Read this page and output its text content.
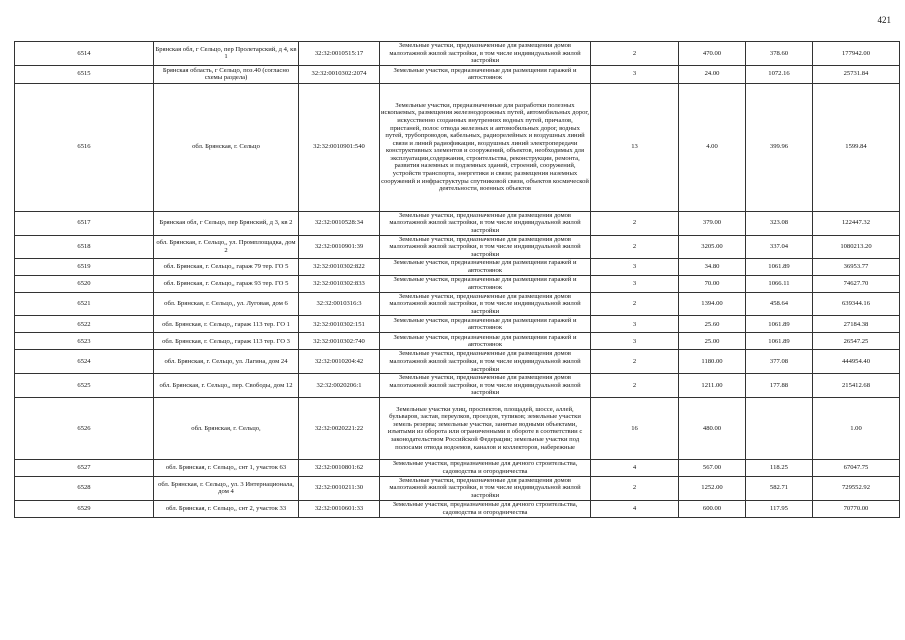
421
6514	Брянская обл, г Сельцо, пер Пролетарский, д 4, кв 1	32:32:0010515:17	Земельные участки, предназначенные для размещения домов малоэтажной жилой застройки, в том числе индивидуальной жилой застройки	2	470.00	378.60	177942.00
6515	Брянская область, г Сельцо, поз.40 (согласно схемы раздела)	32:32:0010302:2074	Земельные участки, предназначенные для размещения гаражей и автостоянок	3	24.00	1072.16	25731.84
6516	обл. Брянская, г. Сельцо	32:32:0010901:540	Земельные участки, предназначенные для разработки полезных ископаемых, размещения железнодорожных путей, автомобильных дорог, искусственно созданных внутренних водных путей, причалов, пристаней, полос отвода железных и автомобильных дорог, водных путей, трубопроводов, кабельных, радиорелейных и воздушных линий связи и линий радиофикации, воздушных линий электропередачи конструктивных элементов и сооружений, объектов, необходимых для эксплуатации,содержания, строительства, реконструкции, ремонта, развития наземных и подземных зданий, строений, сооружений, устройств транспорта, энергетики и связи; размещения наземных сооружений и инфраструктуры спутниковой связи, объектов космической деятельности, военных объектов	13	4.00	399.96	1599.84
6517	Брянская обл, г Сельцо, пер Брянский, д 3, кв 2	32:32:0010528:34	Земельные участки, предназначенные для размещения домов малоэтажной жилой застройки, в том числе индивидуальной жилой застройки	2	379.00	323.08	122447.32
6518	обл. Брянская, г. Сельцо,, ул. Промплощадка, дом 2	32:32:0010901:39	Земельные участки, предназначенные для размещения домов малоэтажной жилой застройки, в том числе индивидуальной жилой застройки	2	3205.00	337.04	1080213.20
6519	обл. Брянская, г. Сельцо,, гараж 79 тер. ГО 5	32:32:0010302:822	Земельные участки, предназначенные для размещения гаражей и автостоянок	3	34.80	1061.89	36953.77
6520	обл. Брянская, г. Сельцо,, гараж 93 тер. ГО 5	32:32:0010302:833	Земельные участки, предназначенные для размещения гаражей и автостоянок	3	70.00	1066.11	74627.70
6521	обл. Брянская, г. Сельцо,, ул. Луговая, дом 6	32:32:0010316:3	Земельные участки, предназначенные для размещения домов малоэтажной жилой застройки, в том числе индивидуальной жилой застройки	2	1394.00	458.64	639344.16
6522	обл. Брянская, г. Сельцо,, гараж 113 тер. ГО 1	32:32:0010302:151	Земельные участки, предназначенные для размещения гаражей и автостоянок	3	25.60	1061.89	27184.38
6523	обл. Брянская, г. Сельцо,, гараж 113 тер. ГО 3	32:32:0010302:740	Земельные участки, предназначенные для размещения гаражей и автостоянок	3	25.00	1061.89	26547.25
6524	обл. Брянская, г. Сельцо, ул. Лагина, дом 24	32:32:0010204:42	Земельные участки, предназначенные для размещения домов малоэтажной жилой застройки, в том числе индивидуальной жилой застройки	2	1180.00	377.08	444954.40
6525	обл. Брянская, г. Сельцо,, пер. Свободы, дом 12	32:32:0020206:1	Земельные участки, предназначенные для размещения домов малоэтажной жилой застройки, в том числе индивидуальной жилой застройки	2	1211.00	177.88	215412.68
6526	обл. Брянская, г. Сельцо,	32:32:0020221:22	Земельные участки улиц, проспектов, площадей, шоссе, аллей, бульваров, застав, переулков, проездов, тупиков; земельные участки земель резерва; земельные участки, занятые водными объектами, изъятыми из оборота или ограниченными в обороте в соответствии с законодательством Российской Федерации; земельные участки под полосами отвода водоемов, каналов и коллекторов, набережные	16	480.00		1.00
6527	обл. Брянская, г. Сельцо,, снт 1, участок 63	32:32:0010801:62	Земельные участки, предназначенные для дачного строительства, садоводства и огородничества	4	567.00	118.25	67047.75
6528	обл. Брянская, г. Сельцо,, ул. 3 Интернационала, дом 4	32:32:0010211:30	Земельные участки, предназначенные для размещения домов малоэтажной жилой застройки, в том числе индивидуальной жилой застройки	2	1252.00	582.71	729552.92
6529	обл. Брянская, г. Сельцо,, снт 2, участок 33	32:32:0010601:33	Земельные участки, предназначенные для дачного строительства, садоводства и огородничества	4	600.00	117.95	70770.00
